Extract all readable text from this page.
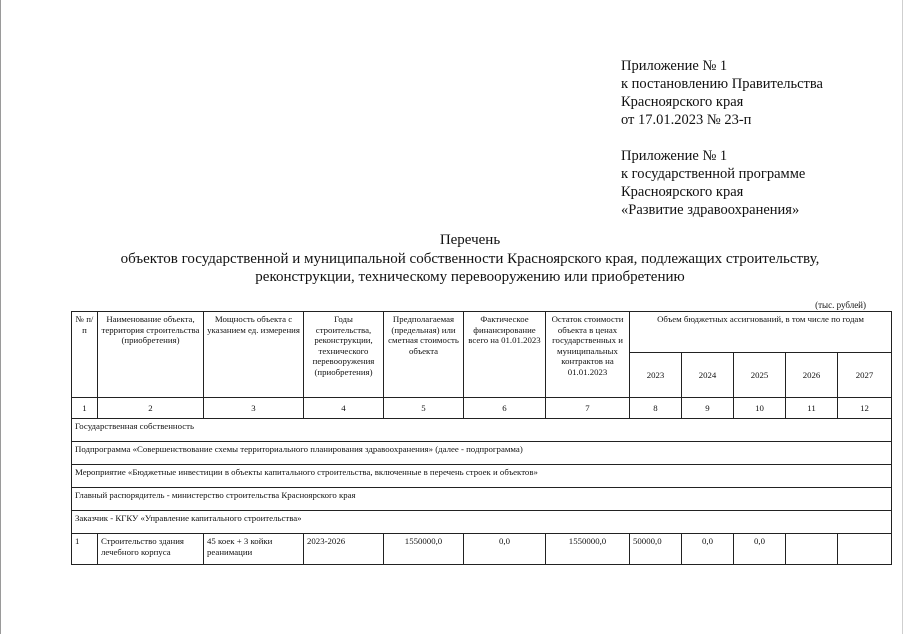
Приложение № 1
к постановлению Правительства
Красноярского края
от 17.01.2023 № 23-п
Приложение № 1
к государственной программе
Красноярского края
«Развитие здравоохранения»
Перечень
объектов государственной и муниципальной собственности Красноярского края, подлежащих строительству,
реконструкции, техническому перевооружению или приобретению
(тыс. рублей)
№ п/п	Наименование объекта, территория строительства (приобретения)	Мощность объекта с указанием ед. измерения	Годы строительства, реконструкции, технического перевооружения (приобретения)	Предполагаемая (предельная) или сметная стоимость объекта	Фактическое финансирование всего на 01.01.2023	Остаток стоимости объекта в ценах государственных и муниципальных контрактов на 01.01.2023	Объем бюджетных ассигнований, в том числе по годам				
							2023	2024	2025	2026	2027
1	2	3	4	5	6	7	8	9	10	11	12
Государственная собственность											
Подпрограмма «Совершенствование схемы территориального планирования здравоохранения» (далее - подпрограмма)											
Мероприятие «Бюджетные инвестиции в объекты капитального строительства, включенные в перечень строек и объектов»											
Главный распорядитель - министерство строительства Красноярского края											
Заказчик - КГКУ «Управление капитального строительства»											
1	Строительство здания лечебного корпуса	45 коек + 3 койки реанимации	2023-2026	1550000,0	0,0	1550000,0	50000,0	0,0	0,0		
